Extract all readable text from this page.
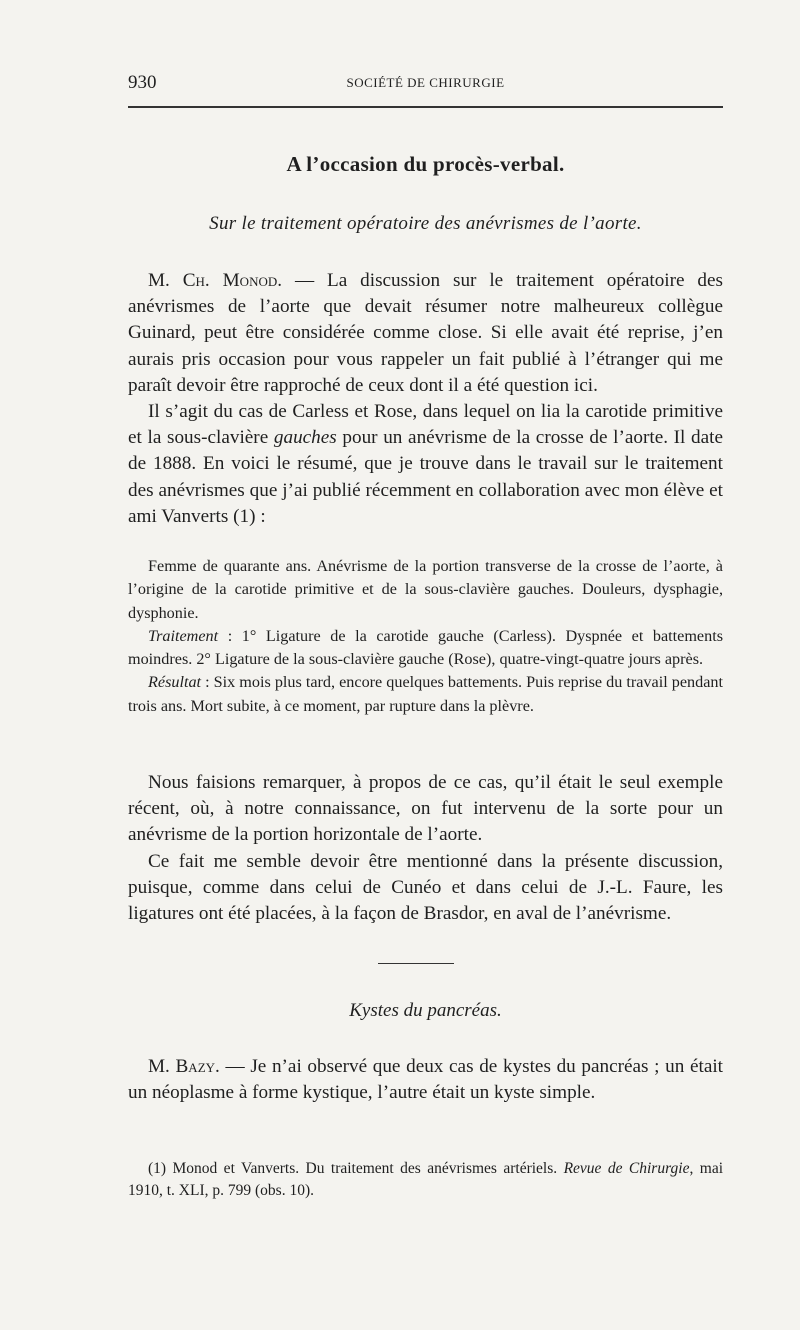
930	SOCIÉTÉ DE CHIRURGIE
A l’occasion du procès-verbal.
Sur le traitement opératoire des anévrismes de l’aorte.

M. Ch. Monod. — La discussion sur le traitement opératoire des anévrismes de l’aorte que devait résumer notre malheureux collègue Guinard, peut être considérée comme close. Si elle avait été reprise, j’en aurais pris occasion pour vous rappeler un fait publié à l’étranger qui me paraît devoir être rapproché de ceux dont il a été question ici.

Il s’agit du cas de Carless et Rose, dans lequel on lia la carotide primitive et la sous-clavière gauches pour un anévrisme de la crosse de l’aorte. Il date de 1888. En voici le résumé, que je trouve dans le travail sur le traitement des anévrismes que j’ai publié récemment en collaboration avec mon élève et ami Vanverts (1) :

Femme de quarante ans. Anévrisme de la portion transverse de la crosse de l’aorte, à l’origine de la carotide primitive et de la sous-clavière gauches. Douleurs, dysphagie, dysphonie.

Traitement : 1° Ligature de la carotide gauche (Carless). Dyspnée et battements moindres. 2° Ligature de la sous-clavière gauche (Rose), quatre-vingt-quatre jours après.

Résultat : Six mois plus tard, encore quelques battements. Puis reprise du travail pendant trois ans. Mort subite, à ce moment, par rupture dans la plèvre.

Nous faisions remarquer, à propos de ce cas, qu’il était le seul exemple récent, où, à notre connaissance, on fut intervenu de la sorte pour un anévrisme de la portion horizontale de l’aorte.

Ce fait me semble devoir être mentionné dans la présente discussion, puisque, comme dans celui de Cunéo et dans celui de J.-L. Faure, les ligatures ont été placées, à la façon de Brasdor, en aval de l’anévrisme.

Kystes du pancréas.

M. Bazy. — Je n’ai observé que deux cas de kystes du pancréas ; un était un néoplasme à forme kystique, l’autre était un kyste simple.

(1) Monod et Vanverts. Du traitement des anévrismes artériels. Revue de Chirurgie, mai 1910, t. XLI, p. 799 (obs. 10).
